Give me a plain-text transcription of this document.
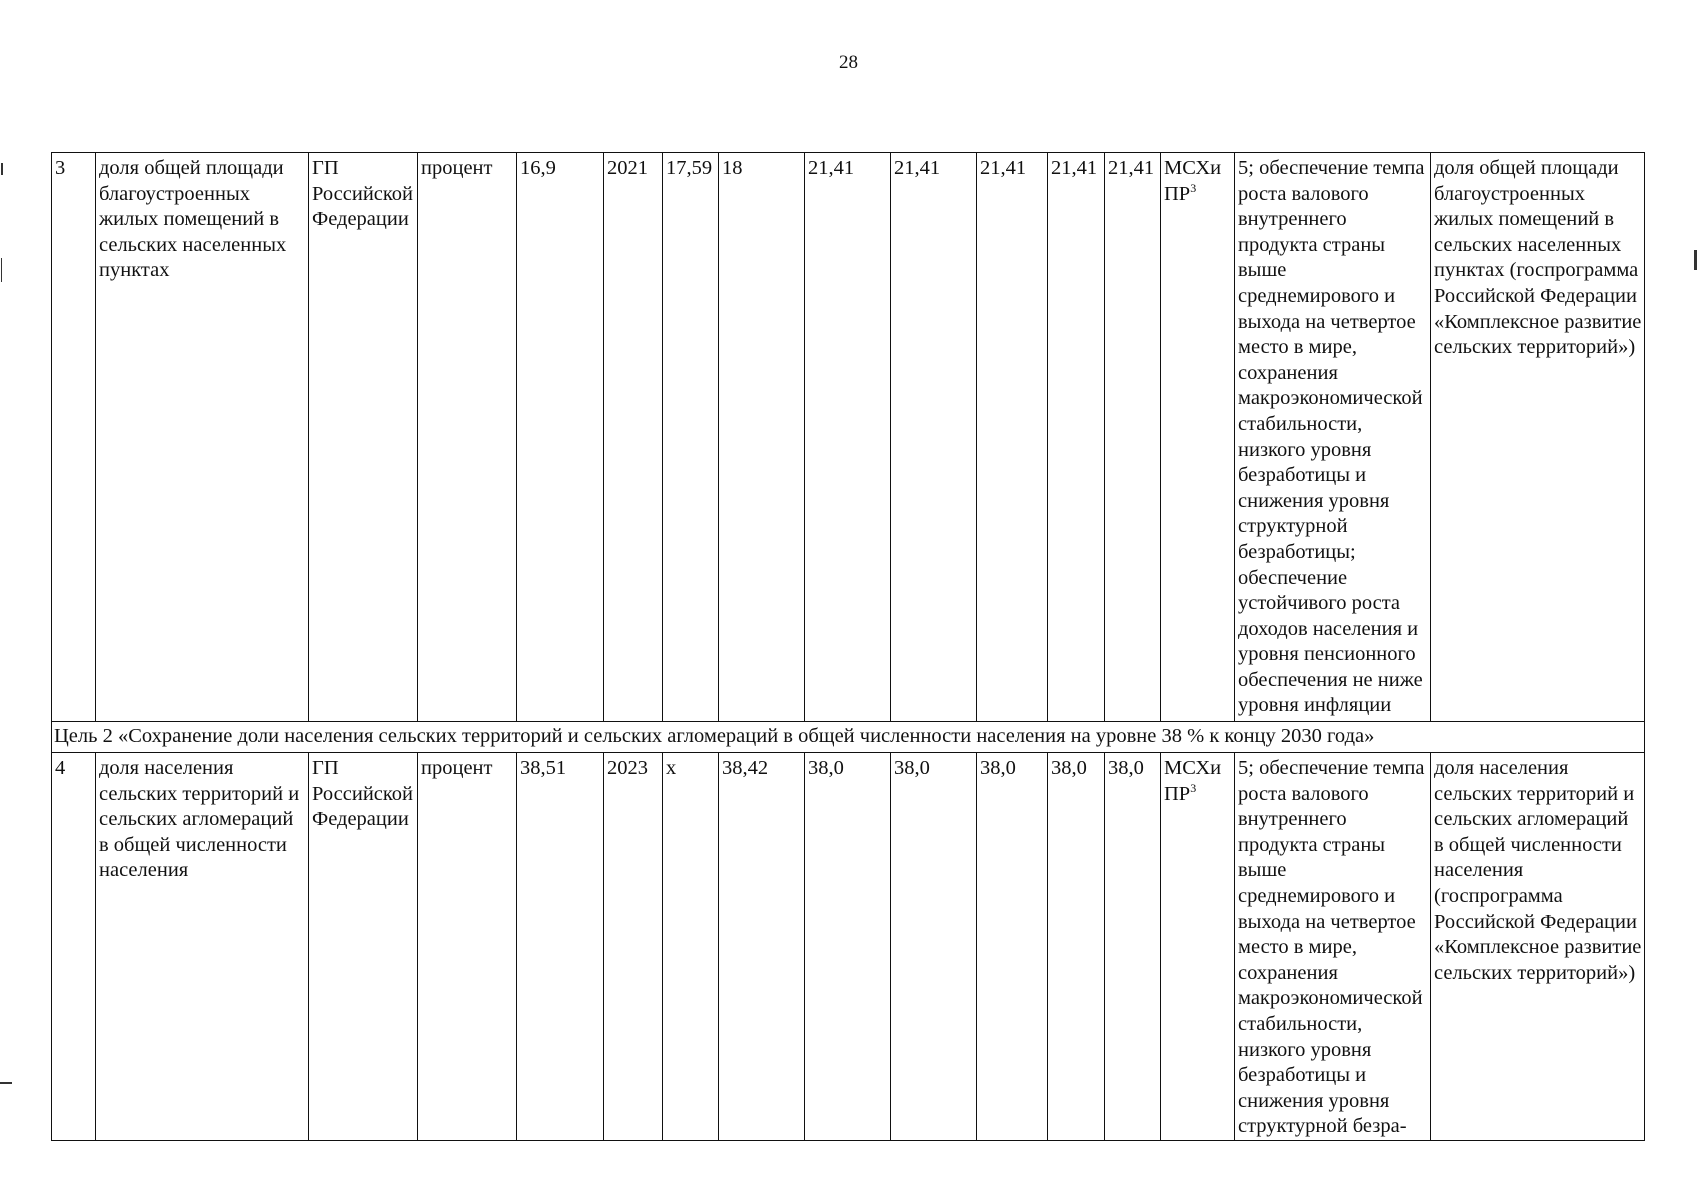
28
3	доля общей площади благоустроенных жилых помещений в сельских населенных пунктах	ГП Российской Федерации	процент	16,9	2021	17,59	18	21,41	21,41	21,41	21,41	21,41	МСХиПР$^3$	5; обеспечение темпа роста валового внутреннего продукта страны выше среднемирового и выхода на четвертое место в мире, сохранения макроэкономической стабильности, низкого уровня безработицы и снижения уровня структурной безработицы; обеспечение устойчивого роста доходов населения и уровня пенсионного обеспечения не ниже уровня инфляции	доля общей площади благоустроенных жилых помещений в сельских населенных пунктах (госпрограмма Российской Федерации «Комплексное развитие сельских территорий»)
Цель 2 «Сохранение доли населения сельских территорий и сельских агломераций в общей численности населения на уровне 38 % к концу 2030 года»															
4	доля населения сельских территорий и сельских агломераций в общей численности населения	ГП Российской Федерации	процент	38,51	2023	х	38,42	38,0	38,0	38,0	38,0	38,0	МСХиПР$^3$	5; обеспечение темпа роста валового внутреннего продукта страны выше среднемирового и выхода на четвертое место в мире, сохранения макроэкономической стабильности, низкого уровня безработицы и снижения уровня структурной безра-	доля населения сельских территорий и сельских агломераций в общей численности населения (госпрограмма Российской Федерации «Комплексное развитие сельских территорий»)
